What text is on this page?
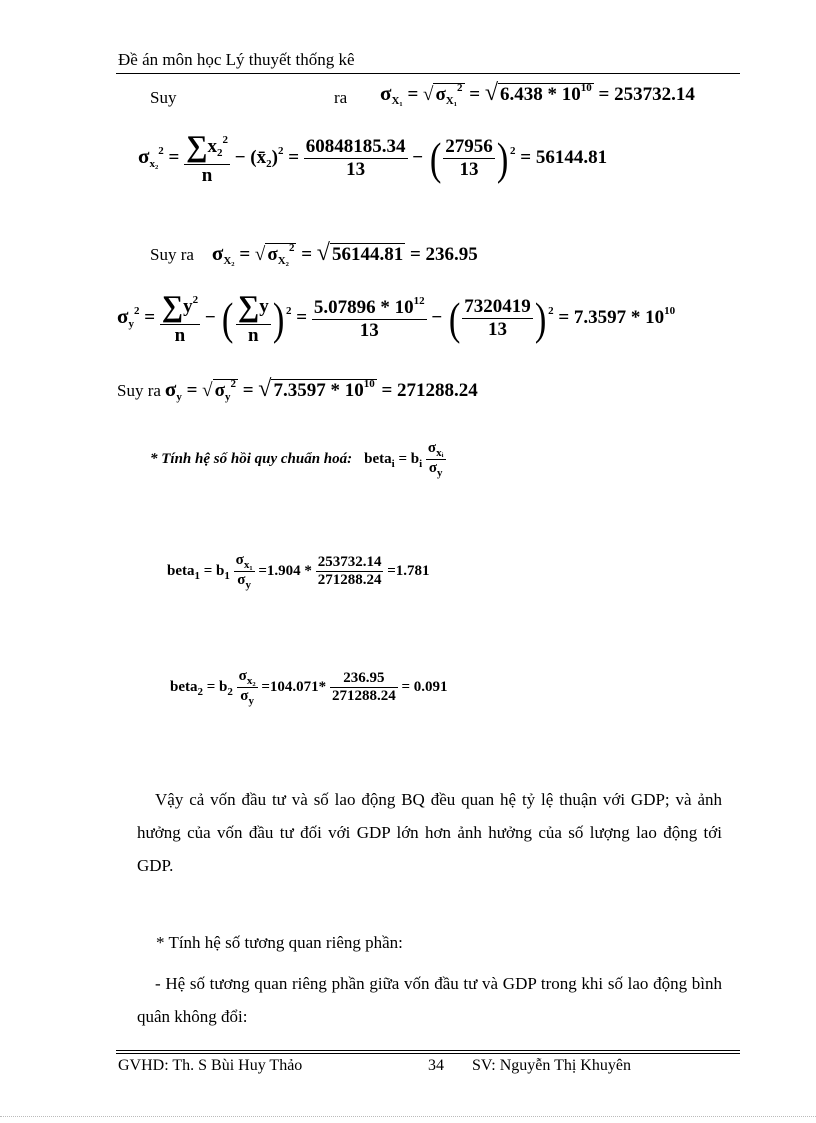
Đề án môn học Lý thuyết thống kê
Suy	ra $\sigma_{X_1}$ = √ $\sigma_{X_1}^2$ = √ $6.438 * 10^{10} = 253732.14$
$\sigma_{x_2}^2 = \frac{\sum x_2^2}{n}$ − $(x̄_2)^2 = \frac{60848185.34}{13}$ − ( $\frac{27956}{13}$ ) $^2$ = 56144.81
Suy ra $\sigma_{X_2}$ = √ $\sigma_{X_2}^2$ = √ 56144.81 = 236.95
$\sigma_y^2 = \frac{\sum y^2}{n}$ − ( $\frac{\sum y}{n}$ ) $^2 = \frac{5.07896 * 10^{12}}{13}$ − ( $\frac{7320419}{13}$ ) $^2 = 7.3597 * 10^{10}$
Suy ra $\sigma_y$ = √ $\sigma_y^2$ = √ $7.3597 * 10^{10} = 271288.24$
* Tính hệ số hồi quy chuẩn hoá: beta$_i$ = $b_i \frac{\sigma_{xᵢ}}{\sigma_y}$
beta$_1$ = $b_1 \frac{\sigma_{x_1}}{\sigma_y} =1.904 * \frac{253732.14}{271288.24} =1.781$
beta$_2$ = $b_2 \frac{\sigma_{x_2}}{\sigma_y} =104.071* \frac{236.95}{271288.24} = 0.091$
Vậy cả vốn đầu tư và số lao động BQ đều quan hệ tỷ lệ thuận với GDP; và ảnh hưởng của vốn đầu tư đối với GDP lớn hơn ảnh hưởng của số lượng lao động tới GDP.
* Tính hệ số tương quan riêng phần:
- Hệ số tương quan riêng phần giữa vốn đầu tư và GDP trong khi số lao động bình quân không đổi:
GVHD: Th. S Bùi Huy Thảo	34 SV: Nguyễn Thị Khuyên
